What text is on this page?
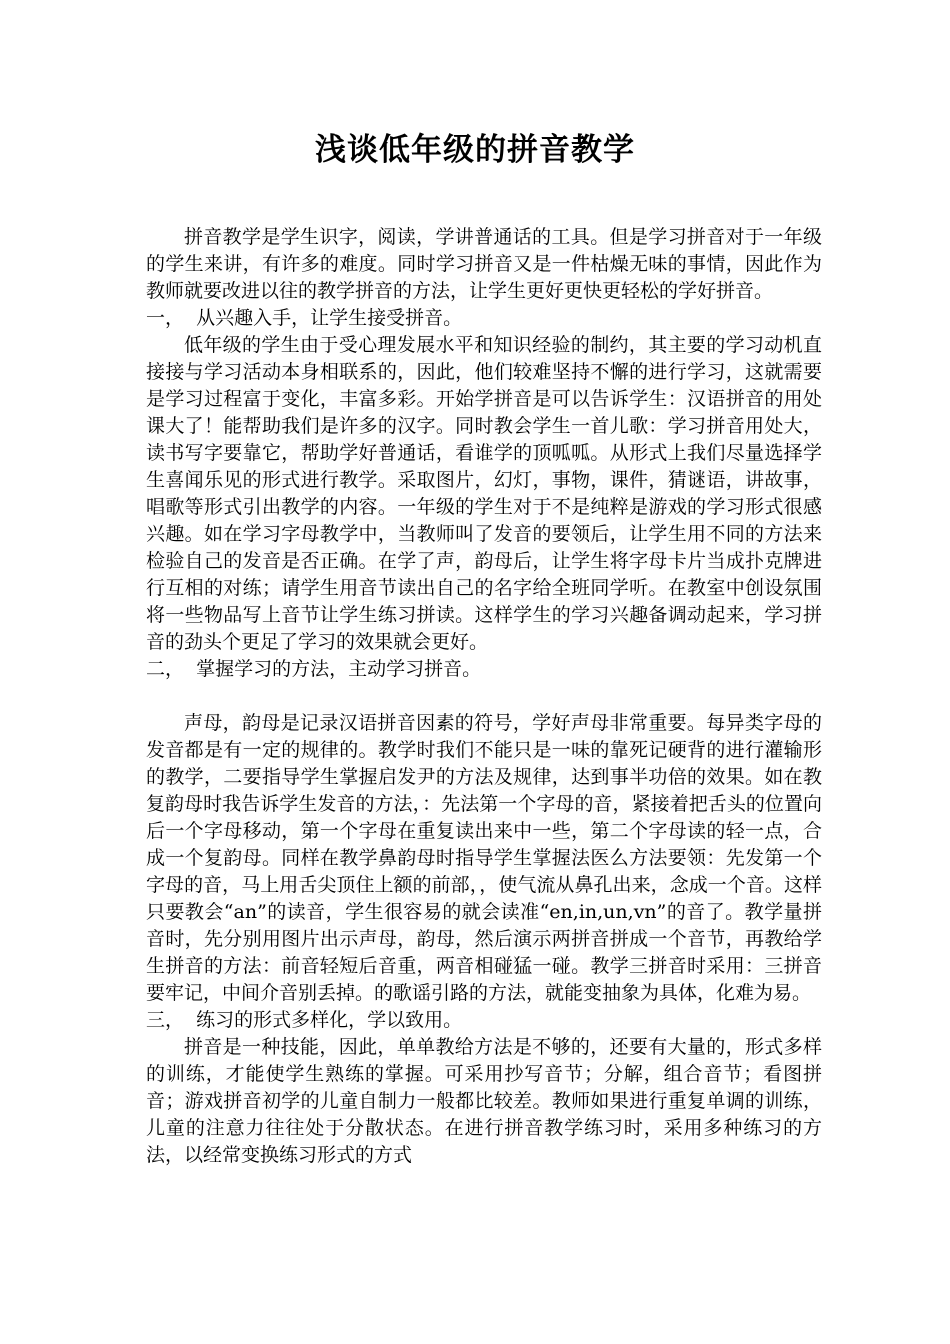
浅谈低年级的拼音教学

拼音教学是学生识字，阅读，学讲普通话的工具。但是学习拼音对于一年级的学生来讲，有许多的难度。同时学习拼音又是一件枯燥无味的事情，因此作为教师就要改进以往的教学拼音的方法，让学生更好更快更轻松的学好拼音。

一，  从兴趣入手，让学生接受拼音。

低年级的学生由于受心理发展水平和知识经验的制约，其主要的学习动机直接接与学习活动本身相联系的，因此，他们较难坚持不懈的进行学习，这就需要是学习过程富于变化，丰富多彩。开始学拼音是可以告诉学生：汉语拼音的用处课大了！能帮助我们是许多的汉字。同时教会学生一首儿歌：学习拼音用处大，读书写字要靠它，帮助学好普通话，看谁学的顶呱呱。从形式上我们尽量选择学生喜闻乐见的形式进行教学。采取图片，幻灯，事物，课件，猜谜语，讲故事，唱歌等形式引出教学的内容。一年级的学生对于不是纯粹是游戏的学习形式很感兴趣。如在学习字母教学中，当教师叫了发音的要领后，让学生用不同的方法来检验自己的发音是否正确。在学了声，韵母后，让学生将字母卡片当成扑克牌进行互相的对练；请学生用音节读出自己的名字给全班同学听。在教室中创设氛围将一些物品写上音节让学生练习拼读。这样学生的学习兴趣备调动起来，学习拼音的劲头个更足了学习的效果就会更好。

二，  掌握学习的方法，主动学习拼音。

声母，韵母是记录汉语拼音因素的符号，学好声母非常重要。每异类字母的发音都是有一定的规律的。教学时我们不能只是一味的靠死记硬背的进行灌输形的教学，二要指导学生掌握启发尹的方法及规律，达到事半功倍的效果。如在教复韵母时我告诉学生发音的方法，：先法第一个字母的音，紧接着把舌头的位置向后一个字母移动，第一个字母在重复读出来中一些，第二个字母读的轻一点，合成一个复韵母。同样在教学鼻韵母时指导学生掌握法医么方法要领：先发第一个字母的音，马上用舌尖顶住上额的前部，，使气流从鼻孔出来，念成一个音。这样只要教会“an”的读音，学生很容易的就会读准“en,in,un,vn”的音了。教学量拼音时，先分别用图片出示声母，韵母，然后演示两拼音拼成一个音节，再教给学生拼音的方法：前音轻短后音重，两音相碰猛一碰。教学三拼音时采用：三拼音要牢记，中间介音别丢掉。的歌谣引路的方法，就能变抽象为具体，化难为易。

三，  练习的形式多样化，学以致用。

拼音是一种技能，因此，单单教给方法是不够的，还要有大量的，形式多样的训练，才能使学生熟练的掌握。可采用抄写音节；分解，组合音节；看图拼音；游戏拼音初学的儿童自制力一般都比较差。教师如果进行重复单调的训练，儿童的注意力往往处于分散状态。在进行拼音教学练习时，采用多种练习的方法，以经常变换练习形式的方式
